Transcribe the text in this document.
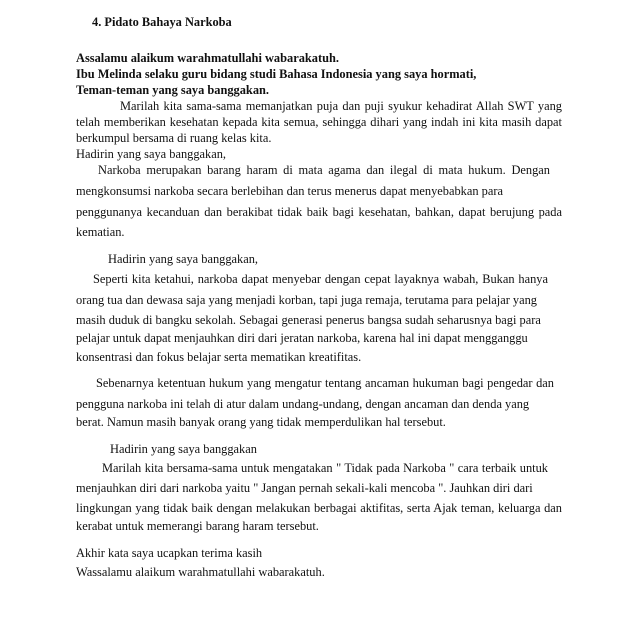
4. Pidato Bahaya Narkoba
Assalamu alaikum warahmatullahi wabarakatuh.
Ibu Melinda selaku guru bidang studi Bahasa Indonesia yang saya hormati,
Teman-teman yang saya banggakan.
Marilah kita sama-sama memanjatkan puja dan puji syukur kehadirat Allah SWT yang
telah memberikan kesehatan kepada kita semua, sehingga dihari yang indah ini kita masih dapat
berkumpul bersama di ruang kelas kita.
Hadirin yang saya banggakan,
Narkoba merupakan barang haram di mata agama dan ilegal di mata hukum. Dengan
mengkonsumsi narkoba secara berlebihan dan terus menerus dapat menyebabkan para
penggunanya kecanduan dan berakibat tidak baik bagi kesehatan, bahkan, dapat berujung pada
kematian.
Hadirin yang saya banggakan,
Seperti kita ketahui, narkoba dapat menyebar dengan cepat layaknya wabah, Bukan hanya
orang tua dan dewasa saja yang menjadi korban, tapi juga remaja, terutama para pelajar yang
masih duduk di bangku sekolah. Sebagai generasi penerus bangsa sudah seharusnya bagi para
pelajar untuk dapat menjauhkan diri dari jeratan narkoba, karena hal ini dapat mengganggu
konsentrasi dan fokus belajar serta mematikan kreatifitas.
Sebenarnya ketentuan hukum yang mengatur tentang ancaman hukuman bagi pengedar dan
pengguna narkoba ini telah di atur dalam undang-undang, dengan ancaman dan denda yang
berat. Namun masih banyak orang yang tidak memperdulikan hal tersebut.
Hadirin yang saya banggakan
Marilah kita bersama-sama untuk mengatakan " Tidak pada Narkoba " cara terbaik untuk
menjauhkan diri dari narkoba yaitu " Jangan pernah sekali-kali mencoba ". Jauhkan diri dari
lingkungan yang tidak baik dengan melakukan berbagai aktifitas, serta Ajak teman, keluarga dan
kerabat untuk memerangi barang haram tersebut.
Akhir kata saya ucapkan terima kasih
Wassalamu alaikum warahmatullahi wabarakatuh.
